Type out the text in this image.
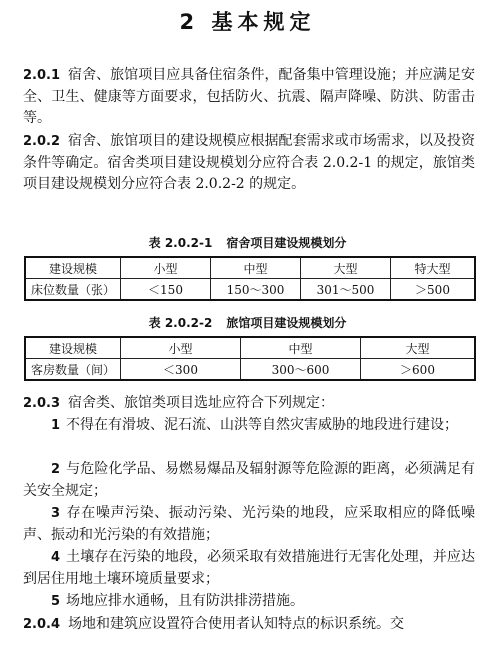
2 基本规定

2.0.1 宿舍、旅馆项目应具备住宿条件，配备集中管理设施；并应满足安全、卫生、健康等方面要求，包括防火、抗震、隔声降噪、防洪、防雷击等。

2.0.2 宿舍、旅馆项目的建设规模应根据配套需求或市场需求，以及投资条件等确定。宿舍类项目建设规模划分应符合表 2.0.2-1 的规定，旅馆类项目建设规模划分应符合表 2.0.2-2 的规定。

表 2.0.2-1 宿舍项目建设规模划分
建设规模	小型	中型	大型	特大型
床位数量（张）	＜150	150～300	301～500	＞500
表 2.0.2-2 旅馆项目建设规模划分
建设规模	小型	中型	大型
客房数量（间）	＜300	300～600	＞600

2.0.3 宿舍类、旅馆类项目选址应符合下列规定：

1 不得在有滑坡、泥石流、山洪等自然灾害威胁的地段进行建设；

2 与危险化学品、易燃易爆品及辐射源等危险源的距离，必须满足有关安全规定；

3 存在噪声污染、振动污染、光污染的地段，应采取相应的降低噪声、振动和光污染的有效措施；

4 土壤存在污染的地段，必须采取有效措施进行无害化处理，并应达到居住用地土壤环境质量要求；

5 场地应排水通畅，且有防洪排涝措施。

2.0.4 场地和建筑应设置符合使用者认知特点的标识系统。交
